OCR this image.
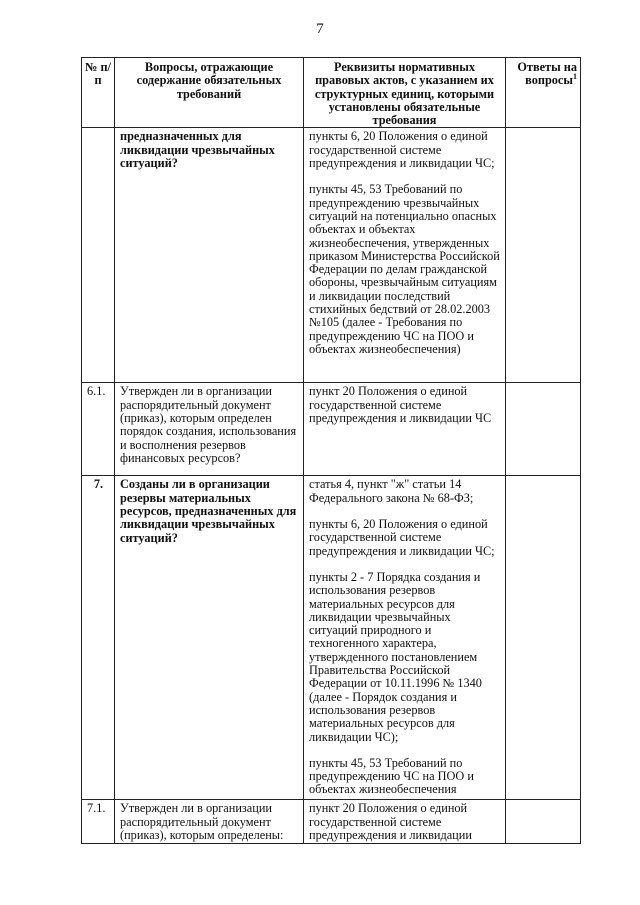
7
№ п/п	Вопросы, отражающие содержание обязательных требований	Реквизиты нормативных правовых актов, с указанием их структурных единиц, которыми установлены обязательные требования	Ответы на вопросы$^1$
	предназначенных для ликвидации чрезвычайных ситуаций?	пункты 6, 20 Положения о единой государственной системе предупреждения и ликвидации ЧС;
пункты 45, 53 Требований по предупреждению чрезвычайных ситуаций на потенциально опасных объектах и объектах жизнеобеспечения, утвержденных приказом Министерства Российской Федерации по делам гражданской обороны, чрезвычайным ситуациям и ликвидации последствий стихийных бедствий от 28.02.2003 №105 (далее - Требования по предупреждению ЧС на ПОО и объектах жизнеобеспечения)	

6.1.	Утвержден ли в организации распорядительный документ (приказ), которым определен порядок создания, использования и восполнения резервов финансовых ресурсов?	пункт 20 Положения о единой государственной системе предупреждения и ликвидации ЧС	

7.	Созданы ли в организации резервы материальных ресурсов, предназначенных для ликвидации чрезвычайных ситуаций?	статья 4, пункт "ж" статьи 14 Федерального закона № 68-ФЗ;
пункты 6, 20 Положения о единой государственной системе предупреждения и ликвидации ЧС;
пункты 2 - 7 Порядка создания и использования резервов материальных ресурсов для ликвидации чрезвычайных ситуаций природного и техногенного характера, утвержденного постановлением Правительства Российской Федерации от 10.11.1996 № 1340 (далее - Порядок создания и использования резервов материальных ресурсов для ликвидации ЧС);
пункты 45, 53 Требований по предупреждению ЧС на ПОО и объектах жизнеобеспечения	

7.1.	Утвержден ли в организации распорядительный документ (приказ), которым определены:	пункт 20 Положения о единой государственной системе предупреждения и ликвидации	
